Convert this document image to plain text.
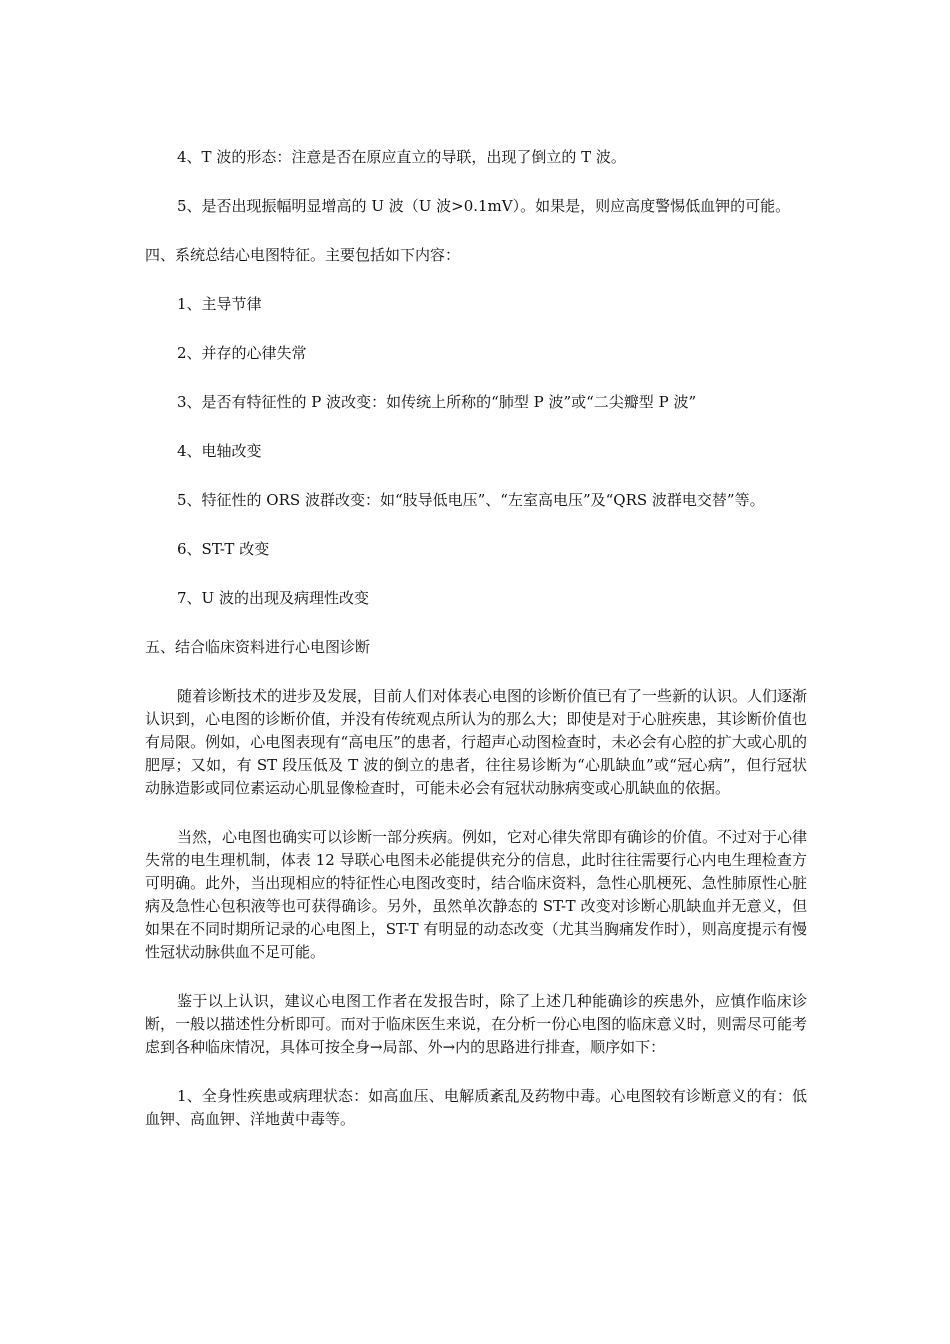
4、T 波的形态：注意是否在原应直立的导联，出现了倒立的 T 波。

5、是否出现振幅明显增高的 U 波（U 波>0.1mV）。如果是，则应高度警惕低血钾的可能。

四、系统总结心电图特征。主要包括如下内容：

1、主导节律

2、并存的心律失常

3、是否有特征性的 P 波改变：如传统上所称的“肺型 P 波”或“二尖瓣型 P 波”

4、电轴改变

5、特征性的 ORS 波群改变：如“肢导低电压”、“左室高电压”及“QRS 波群电交替”等。

6、ST-T 改变

7、U 波的出现及病理性改变

五、结合临床资料进行心电图诊断

随着诊断技术的进步及发展，目前人们对体表心电图的诊断价值已有了一些新的认识。人们逐渐认识到，心电图的诊断价值，并没有传统观点所认为的那么大；即使是对于心脏疾患，其诊断价值也有局限。例如，心电图表现有“高电压”的患者，行超声心动图检查时，未必会有心腔的扩大或心肌的肥厚；又如，有 ST 段压低及 T 波的倒立的患者，往往易诊断为“心肌缺血”或“冠心病”，但行冠状动脉造影或同位素运动心肌显像检查时，可能未必会有冠状动脉病变或心肌缺血的依据。

当然，心电图也确实可以诊断一部分疾病。例如，它对心律失常即有确诊的价值。不过对于心律失常的电生理机制，体表 12 导联心电图未必能提供充分的信息，此时往往需要行心内电生理检查方可明确。此外，当出现相应的特征性心电图改变时，结合临床资料，急性心肌梗死、急性肺原性心脏病及急性心包积液等也可获得确诊。另外，虽然单次静态的 ST-T 改变对诊断心肌缺血并无意义，但如果在不同时期所记录的心电图上，ST-T 有明显的动态改变（尤其当胸痛发作时），则高度提示有慢性冠状动脉供血不足可能。

鉴于以上认识，建议心电图工作者在发报告时，除了上述几种能确诊的疾患外，应慎作临床诊断，一般以描述性分析即可。而对于临床医生来说，在分析一份心电图的临床意义时，则需尽可能考虑到各种临床情况，具体可按全身→局部、外→内的思路进行排查，顺序如下：

1、全身性疾患或病理状态：如高血压、电解质紊乱及药物中毒。心电图较有诊断意义的有：低血钾、高血钾、洋地黄中毒等。
